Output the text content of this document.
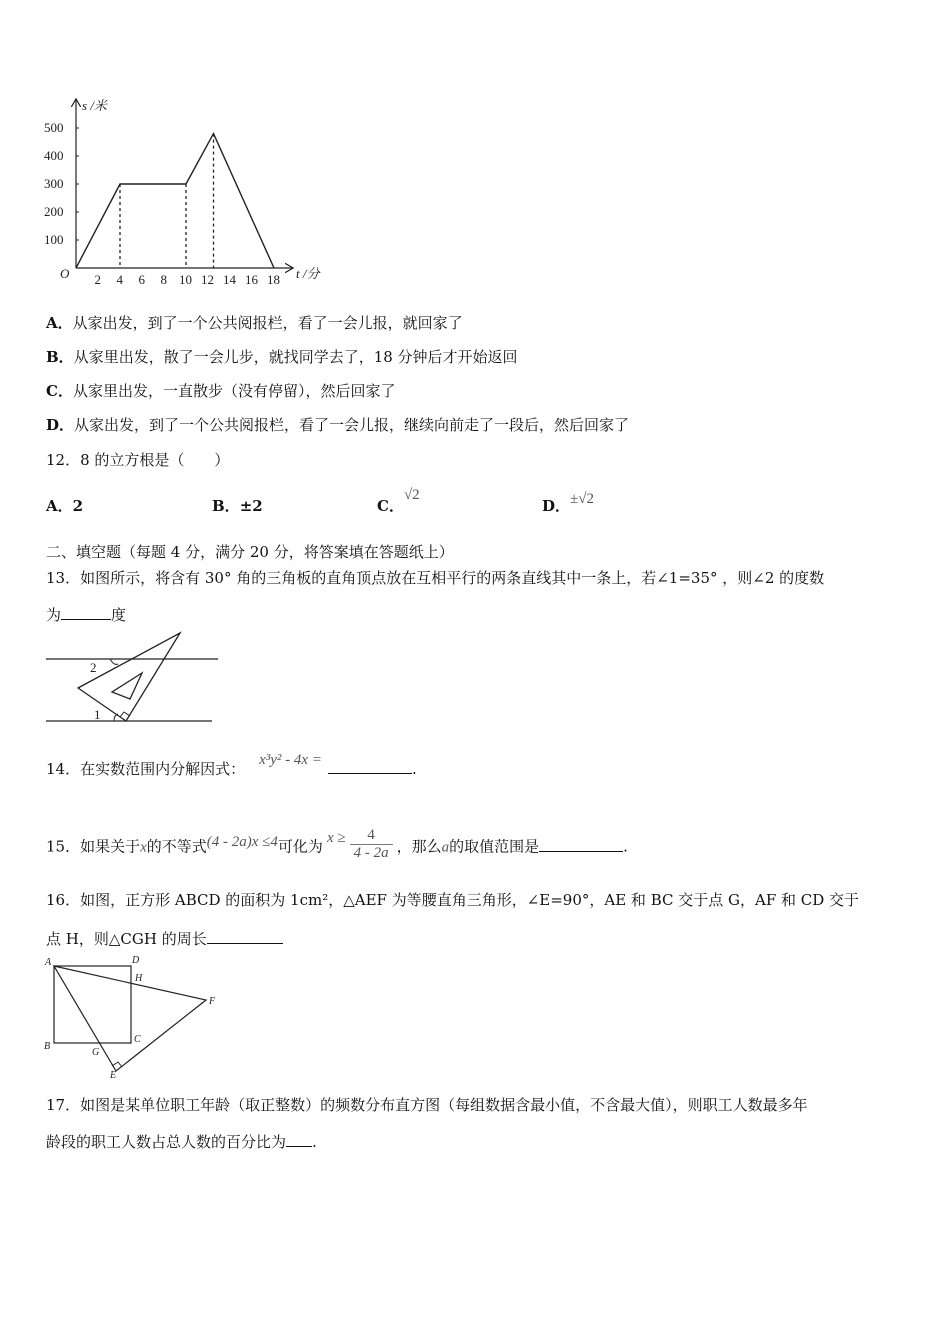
s /米
t /分
O
500
400
300
200
100
2 4 6 8 10 12 14 16 18
A．从家出发，到了一个公共阅报栏，看了一会儿报，就回家了
B．从家里出发，散了一会儿步，就找同学去了，18 分钟后才开始返回
C．从家里出发，一直散步（没有停留），然后回家了
D．从家出发，到了一个公共阅报栏，看了一会儿报，继续向前走了一段后，然后回家了
12．8 的立方根是（　　）
A．2	B．±2	C．√2
D．±√2
二、填空题（每题 4 分，满分 20 分，将答案填在答题纸上）
13．如图所示，将含有 30° 角的三角板的直角顶点放在互相平行的两条直线其中一条上，若∠1=35° ，则∠2 的度数
为	度
2
1
14．在实数范围内分解因式： x³y² - 4x =	.
15．如果关于x的不等式(4 - 2a)x ≤4可化为 $x \ge \frac{4}{4 - 2a}$ ，那么a的取值范围是	.
16．如图，正方形 ABCD 的面积为 1cm²，△AEF 为等腰直角三角形，∠E=90°，AE 和 BC 交于点 G，AF 和 CD 交于
点 H，则△CGH 的周长
A	D
H
F
B
G
C
E
17．如图是某单位职工年龄（取正整数）的频数分布直方图（每组数据含最小值，不含最大值），则职工人数最多年
龄段的职工人数占总人数的百分比为 .
